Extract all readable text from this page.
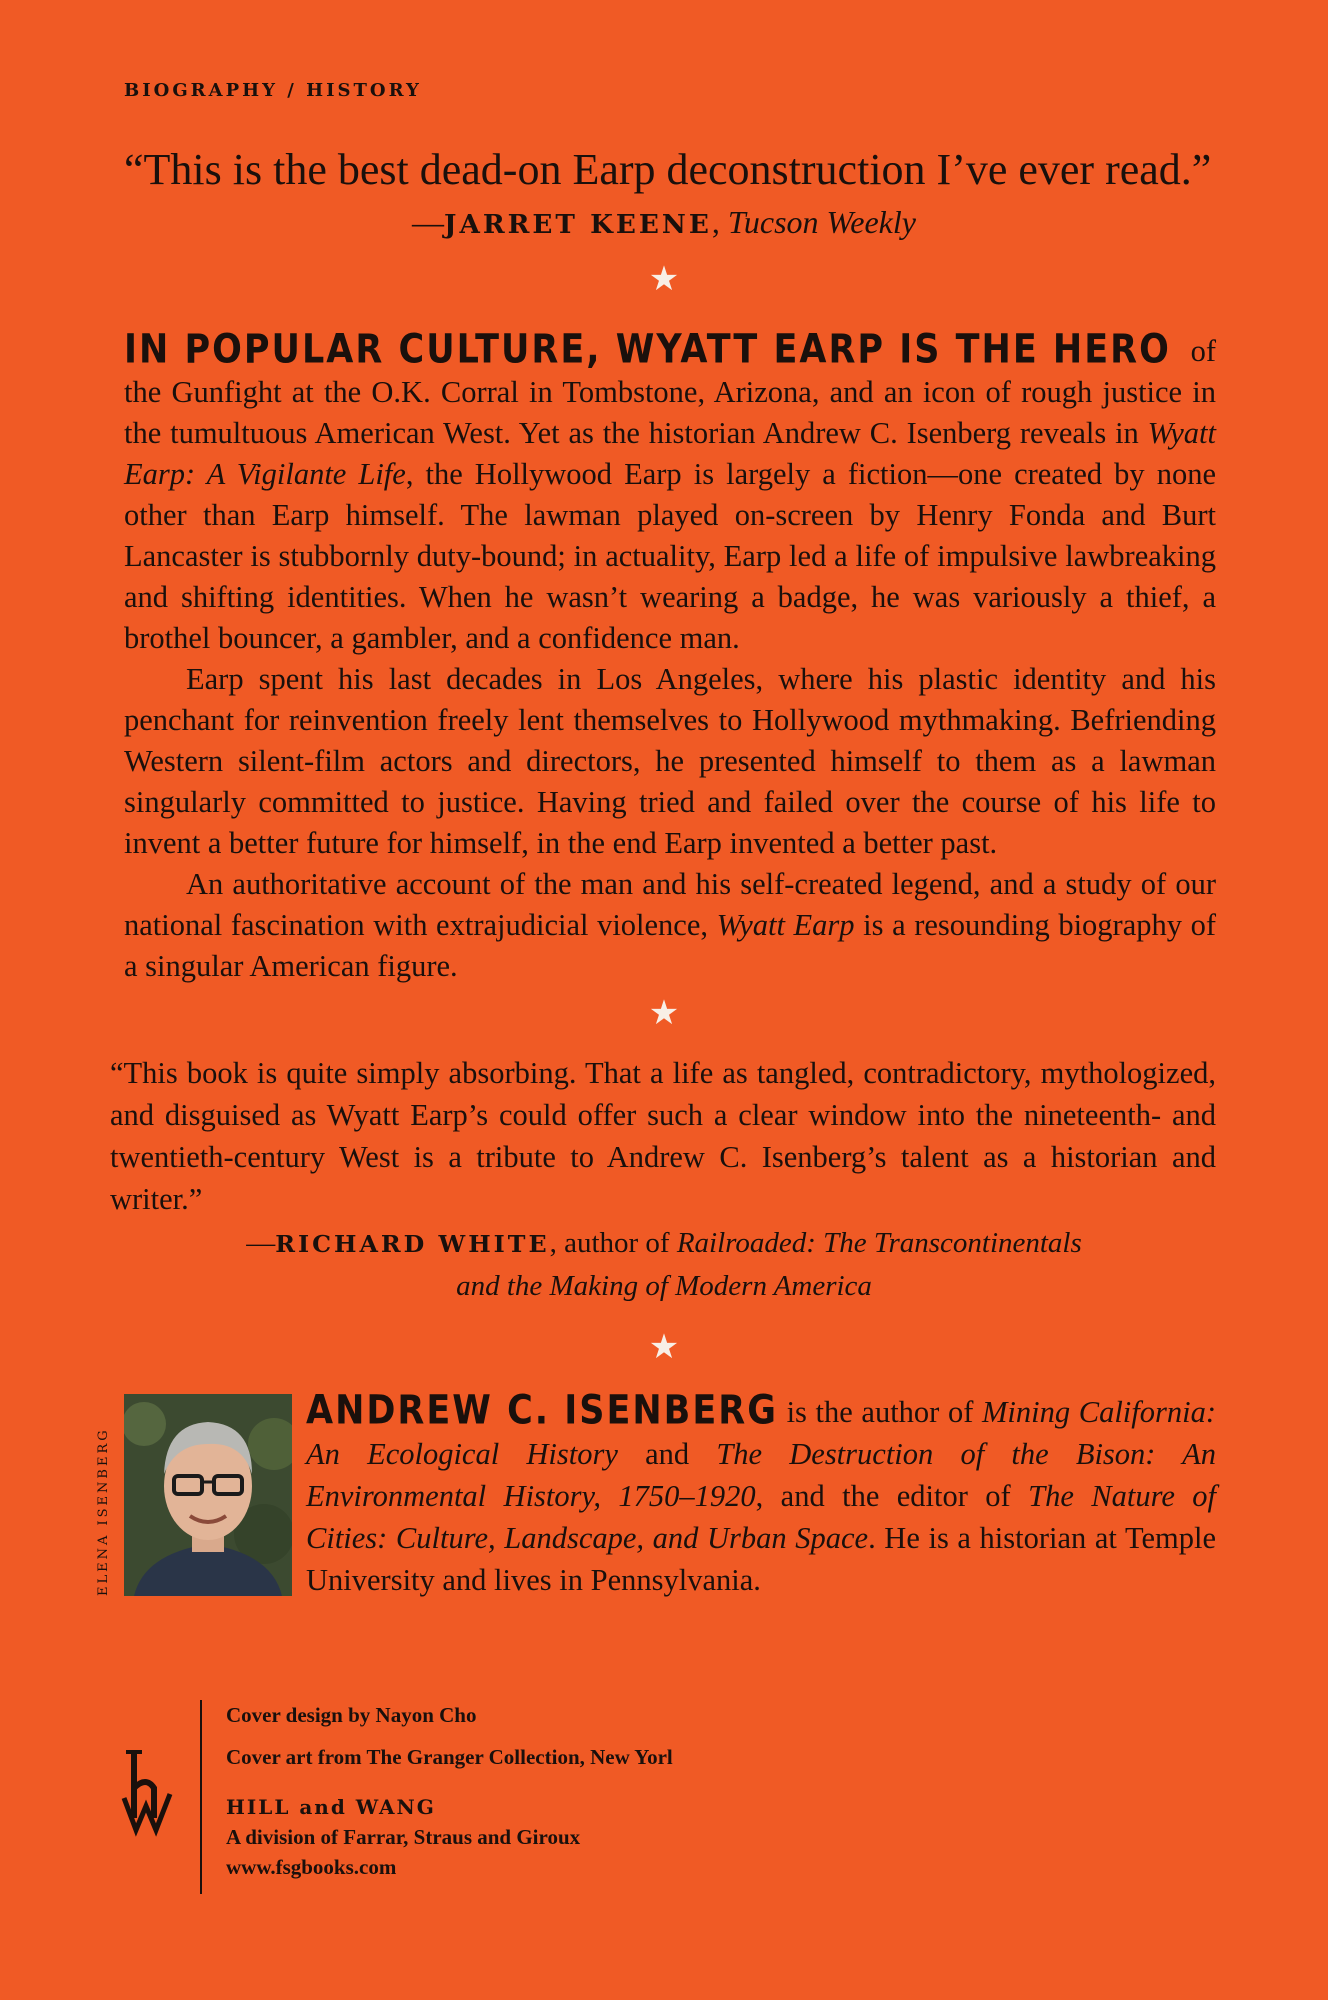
BIOGRAPHY / HISTORY
“This is the best dead-on Earp deconstruction I’ve ever read.”
—JARRET KEENE, Tucson Weekly
★

IN POPULAR CULTURE, WYATT EARP IS THE HERO of the Gunfight at the O.K. Corral in Tombstone, Arizona, and an icon of rough justice in the tumultuous American West. Yet as the historian Andrew C. Isenberg reveals in Wyatt Earp: A Vigilante Life, the Hollywood Earp is largely a fiction—one created by none other than Earp himself. The lawman played on-screen by Henry Fonda and Burt Lancaster is stubbornly duty-bound; in actuality, Earp led a life of impulsive lawbreaking and shifting identities. When he wasn’t wearing a badge, he was variously a thief, a brothel bouncer, a gambler, and a confidence man.

Earp spent his last decades in Los Angeles, where his plastic identity and his penchant for reinvention freely lent themselves to Hollywood mythmaking. Befriending Western silent-film actors and directors, he presented himself to them as a lawman singularly committed to justice. Having tried and failed over the course of his life to invent a better future for himself, in the end Earp invented a better past.

An authoritative account of the man and his self-created legend, and a study of our national fascination with extrajudicial violence, Wyatt Earp is a resounding biography of a singular American figure.

★
“This book is quite simply absorbing. That a life as tangled, contradictory, mythologized, and disguised as Wyatt Earp’s could offer such a clear window into the nineteenth- and twentieth-century West is a tribute to Andrew C. Isenberg’s talent as a historian and writer.”
—RICHARD WHITE, author of Railroaded: The Transcontinentals
and the Making of Modern America
★
ELENA ISENBERG
ANDREW C. ISENBERG is the author of Mining California: An Ecological History and The Destruction of the Bison: An Environmental History, 1750–1920, and the editor of The Nature of Cities: Culture, Landscape, and Urban Space. He is a historian at Temple University and lives in Pennsylvania.
Cover design by Nayon Cho
Cover art from The Granger Collection, New Yorl
HILL and WANG
A division of Farrar, Straus and Giroux
www.fsgbooks.com
